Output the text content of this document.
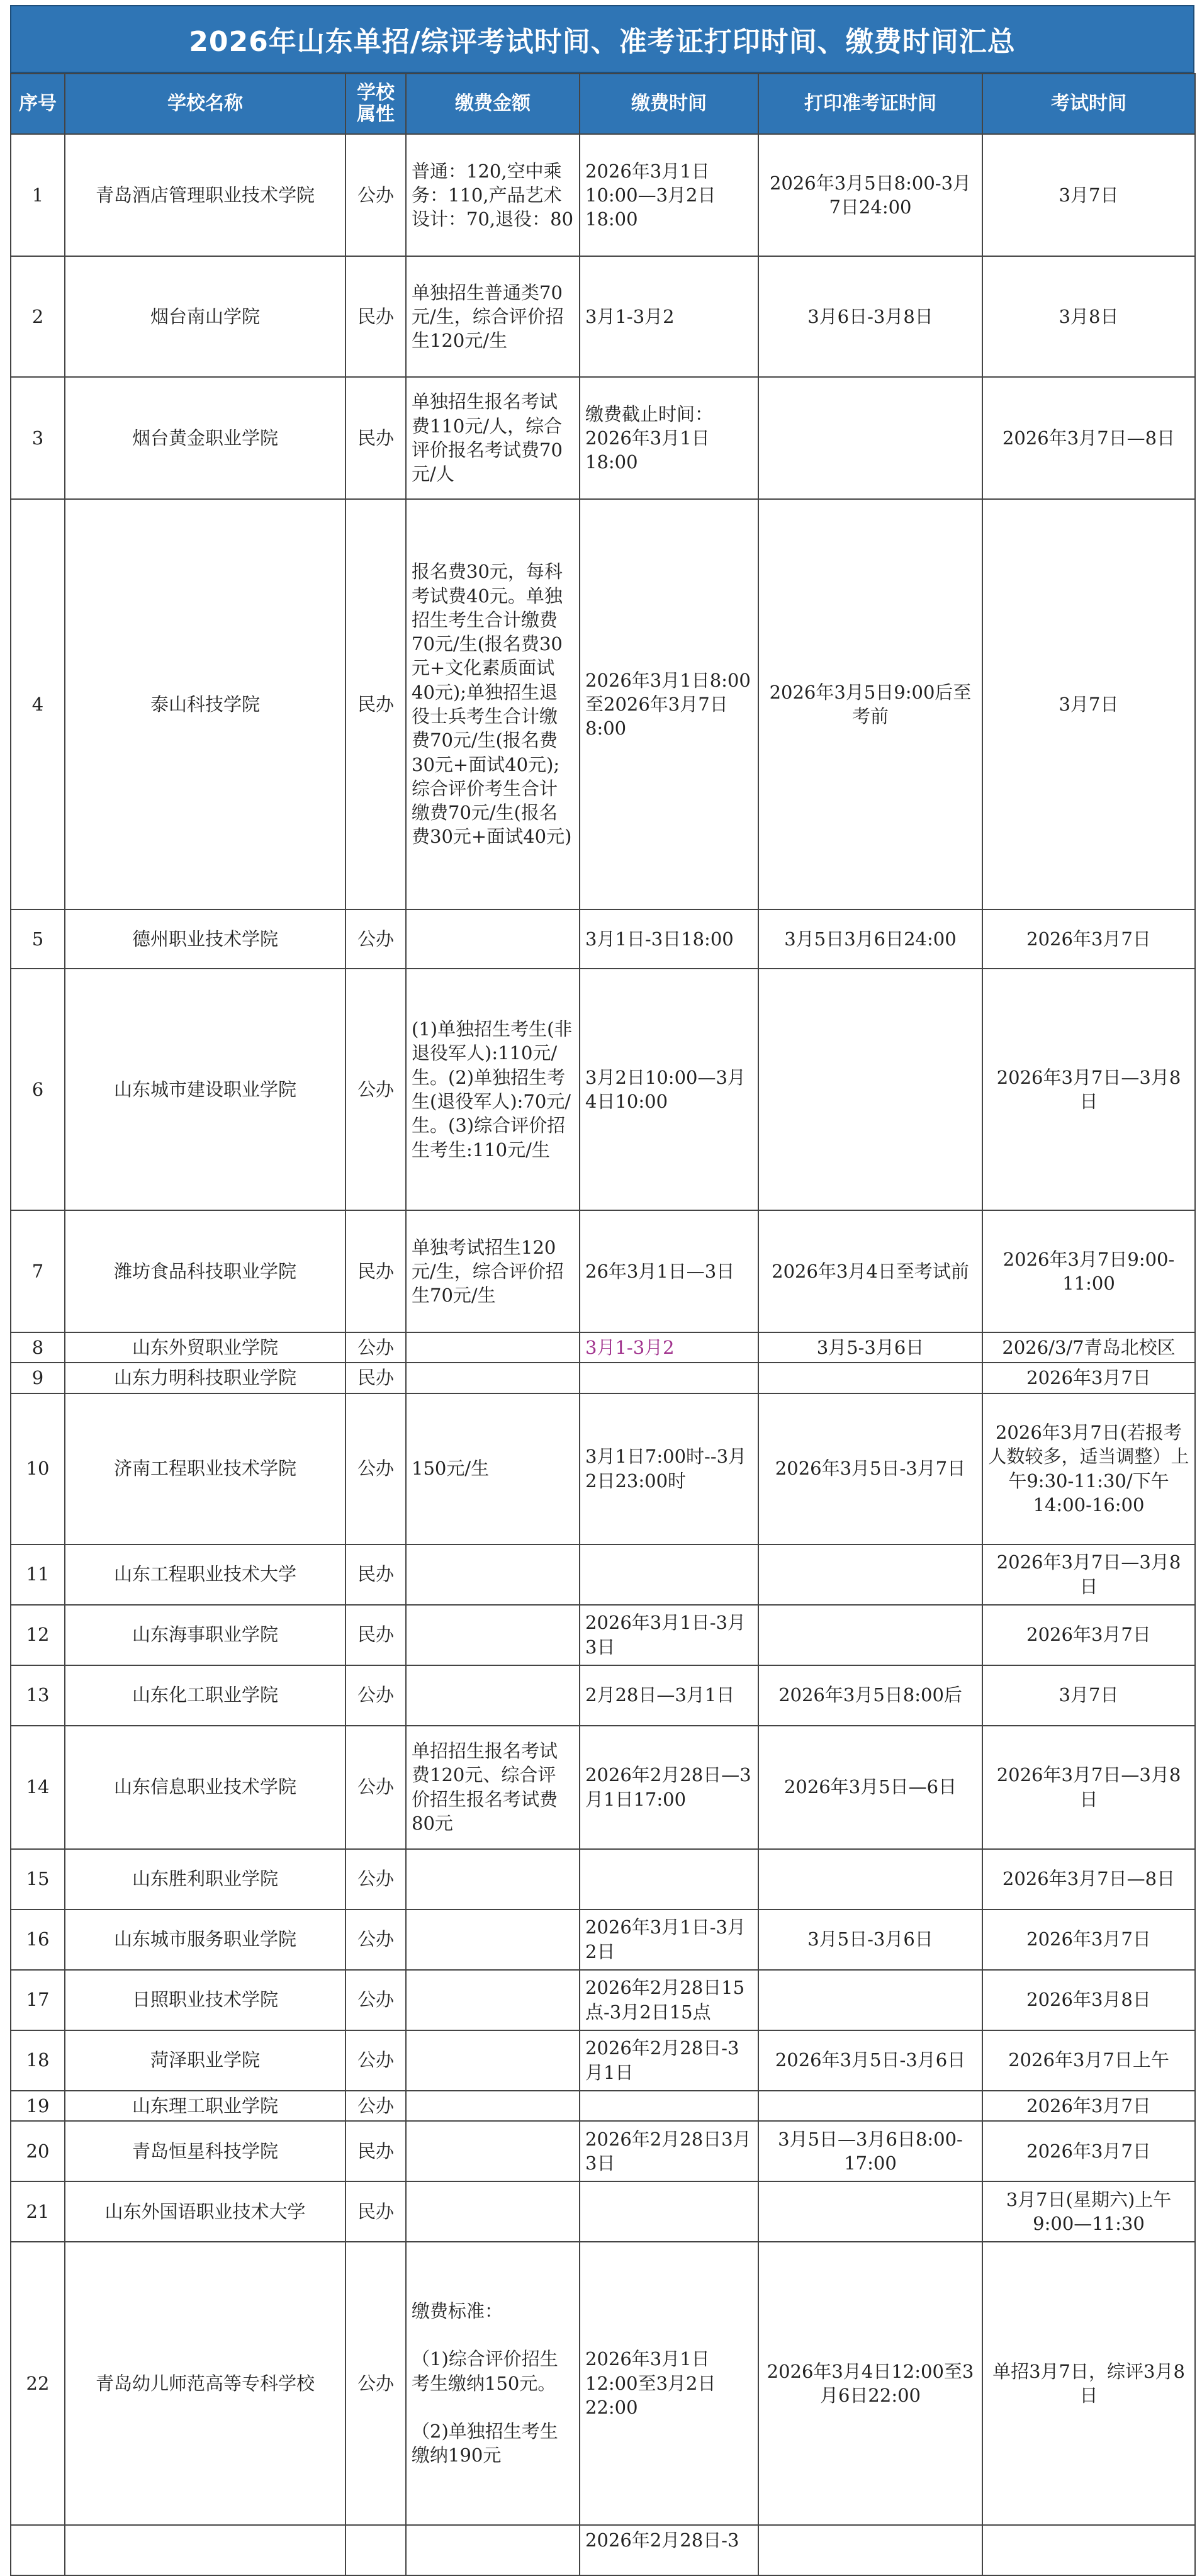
2026年山东单招/综评考试时间、准考证打印时间、缴费时间汇总
序号	学校名称	学校属性	缴费金额	缴费时间	打印准考证时间	考试时间
1	青岛酒店管理职业技术学院	公办	普通：120,空中乘务：110,产品艺术设计：70,退役：80	2026年3月1日10:00—3月2日18:00	2026年3月5日8:00-3月7日24:00	3月7日
2	烟台南山学院	民办	单独招生普通类70元/生，综合评价招生120元/生	3月1-3月2	3月6日-3月8日	3月8日
3	烟台黄金职业学院	民办	单独招生报名考试费110元/人，综合评价报名考试费70元/人	缴费截止时间：2026年3月1日18:00		2026年3月7日—8日
4	泰山科技学院	民办	报名费30元，每科考试费40元。单独招生考生合计缴费70元/生(报名费30元+文化素质面试40元);单独招生退役士兵考生合计缴费70元/生(报名费30元+面试40元);综合评价考生合计缴费70元/生(报名费30元+面试40元)	2026年3月1日8:00至2026年3月7日8:00	2026年3月5日9:00后至考前	3月7日
5	德州职业技术学院	公办		3月1日-3日18:00	3月5日3月6日24:00	2026年3月7日
6	山东城市建设职业学院	公办	(1)单独招生考生(非退役军人):110元/生。(2)单独招生考生(退役军人):70元/生。(3)综合评价招生考生:110元/生	3月2日10:00—3月4日10:00		2026年3月7日—3月8日
7	潍坊食品科技职业学院	民办	单独考试招生120元/生，综合评价招生70元/生	26年3月1日—3日	2026年3月4日至考试前	2026年3月7日9:00-11:00
8	山东外贸职业学院	公办		3月1-3月2	3月5-3月6日	2026/3/7青岛北校区
9	山东力明科技职业学院	民办				2026年3月7日
10	济南工程职业技术学院	公办	150元/生	3月1日7:00时--3月2日23:00时	2026年3月5日-3月7日	2026年3月7日(若报考人数较多，适当调整）上午9:30-11:30/下午14:00-16:00
11	山东工程职业技术大学	民办				2026年3月7日—3月8日
12	山东海事职业学院	民办		2026年3月1日-3月3日		2026年3月7日
13	山东化工职业学院	公办		2月28日—3月1日	2026年3月5日8:00后	3月7日
14	山东信息职业技术学院	公办	单招招生报名考试费120元、综合评价招生报名考试费80元	2026年2月28日—3月1日17:00	2026年3月5日—6日	2026年3月7日—3月8日
15	山东胜利职业学院	公办				2026年3月7日—8日
16	山东城市服务职业学院	公办		2026年3月1日-3月2日	3月5日-3月6日	2026年3月7日
17	日照职业技术学院	公办		2026年2月28日15点-3月2日15点		2026年3月8日
18	菏泽职业学院	公办		2026年2月28日-3月1日	2026年3月5日-3月6日	2026年3月7日上午
19	山东理工职业学院	公办				2026年3月7日
20	青岛恒星科技学院	民办		2026年2月28日3月3日	3月5日—3月6日8:00-17:00	2026年3月7日
21	山东外国语职业技术大学	民办				3月7日(星期六)上午9:00—11:30
22	青岛幼儿师范高等专科学校	公办	缴费标准：

（1)综合评价招生考生缴纳150元。

（2)单独招生考生缴纳190元	2026年3月1日12:00至3月2日22:00	2026年3月4日12:00至3月6日22:00	单招3月7日，综评3月8日
				2026年2月28日-3		
